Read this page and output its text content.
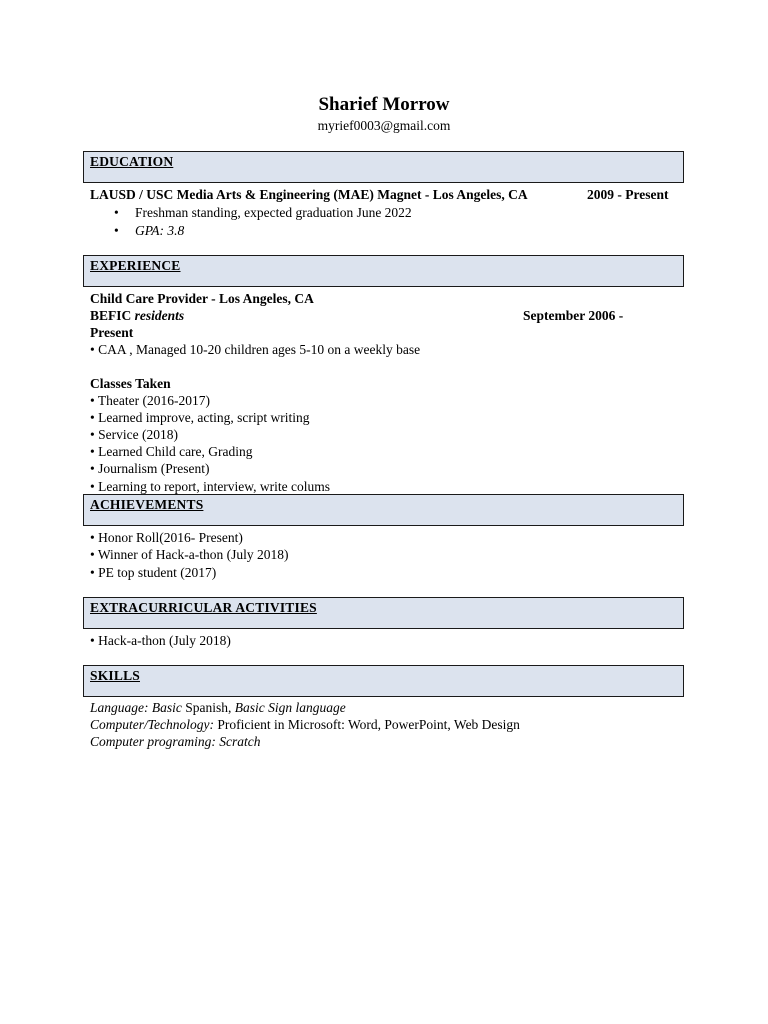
Sharief Morrow
myrief0003@gmail.com
EDUCATION
LAUSD / USC Media Arts & Engineering (MAE) Magnet - Los Angeles, CA	2009 - Present
• Freshman standing, expected graduation June 2022
• GPA: 3.8
EXPERIENCE
Child Care Provider - Los Angeles, CA
BEFIC residents	September 2006 -
Present
• CAA , Managed 10-20 children ages 5-10 on a weekly base
Classes Taken
• Theater (2016-2017)
• Learned improve, acting, script writing
• Service (2018)
• Learned Child care, Grading
• Journalism (Present)
• Learning to report, interview, write colums
ACHIEVEMENTS
• Honor Roll(2016- Present)
• Winner of Hack-a-thon (July 2018)
• PE top student (2017)
EXTRACURRICULAR ACTIVITIES
• Hack-a-thon (July 2018)
SKILLS
Language: Basic Spanish, Basic Sign language
Computer/Technology: Proficient in Microsoft: Word, PowerPoint, Web Design
Computer programing: Scratch
